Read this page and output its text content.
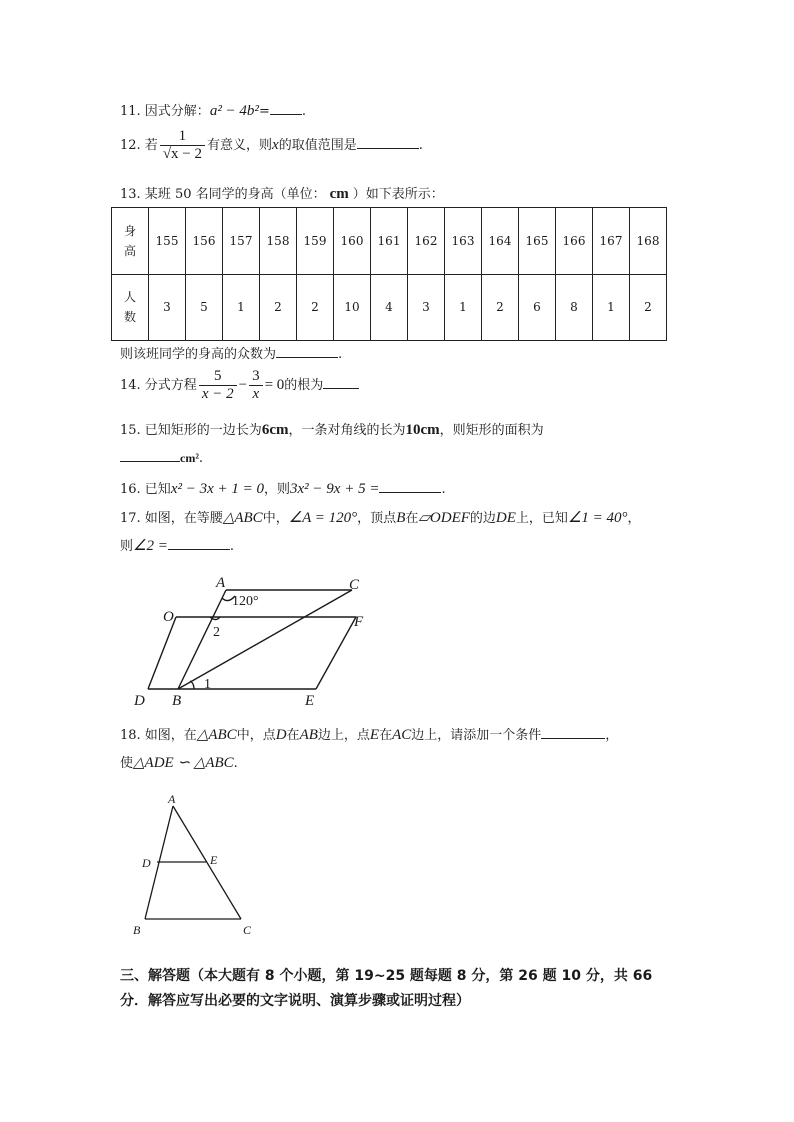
11. 因式分解：a² − 4b²= .
12. 若 $\frac{1}{√x - 2}$ 有意义，则x的取值范围是	.
13. 某班 50 名同学的身高（单位： cm ）如下表所示：
身高	155	156	157	158	159	160	161	162	163	164	165	166	167	168
人数	3	5	1	2	2	10	4	3	1	2	6	8	1	2
则该班同学的身高的众数为	.
14. 分式方程 $\frac{5}{x - 2} - \frac{3}{x} = 0$的根为
15. 已知矩形的一边长为6cm，一条对角线的长为10cm，则矩形的面积为
cm².
16. 已知x² − 3x + 1 = 0，则3x² − 9x + 5 =	.
17. 如图，在等腰△ABC中，∠A = 120°，顶点B在▱ODEF的边DE上，已知∠1 = 40°，
则∠2 =	.
A	C
O	F
D B	E
120°
2
1
18. 如图，在△ABC中，点D在AB边上，点E在AC边上，请添加一个条件	，
使△ADE ∽ △ABC.
A
D	E
B	C
三、解答题（本大题有 8 个小题，第 19~25 题每题 8 分，第 26 题 10 分，共 66 分．解答应写出必要的文字说明、演算步骤或证明过程）
